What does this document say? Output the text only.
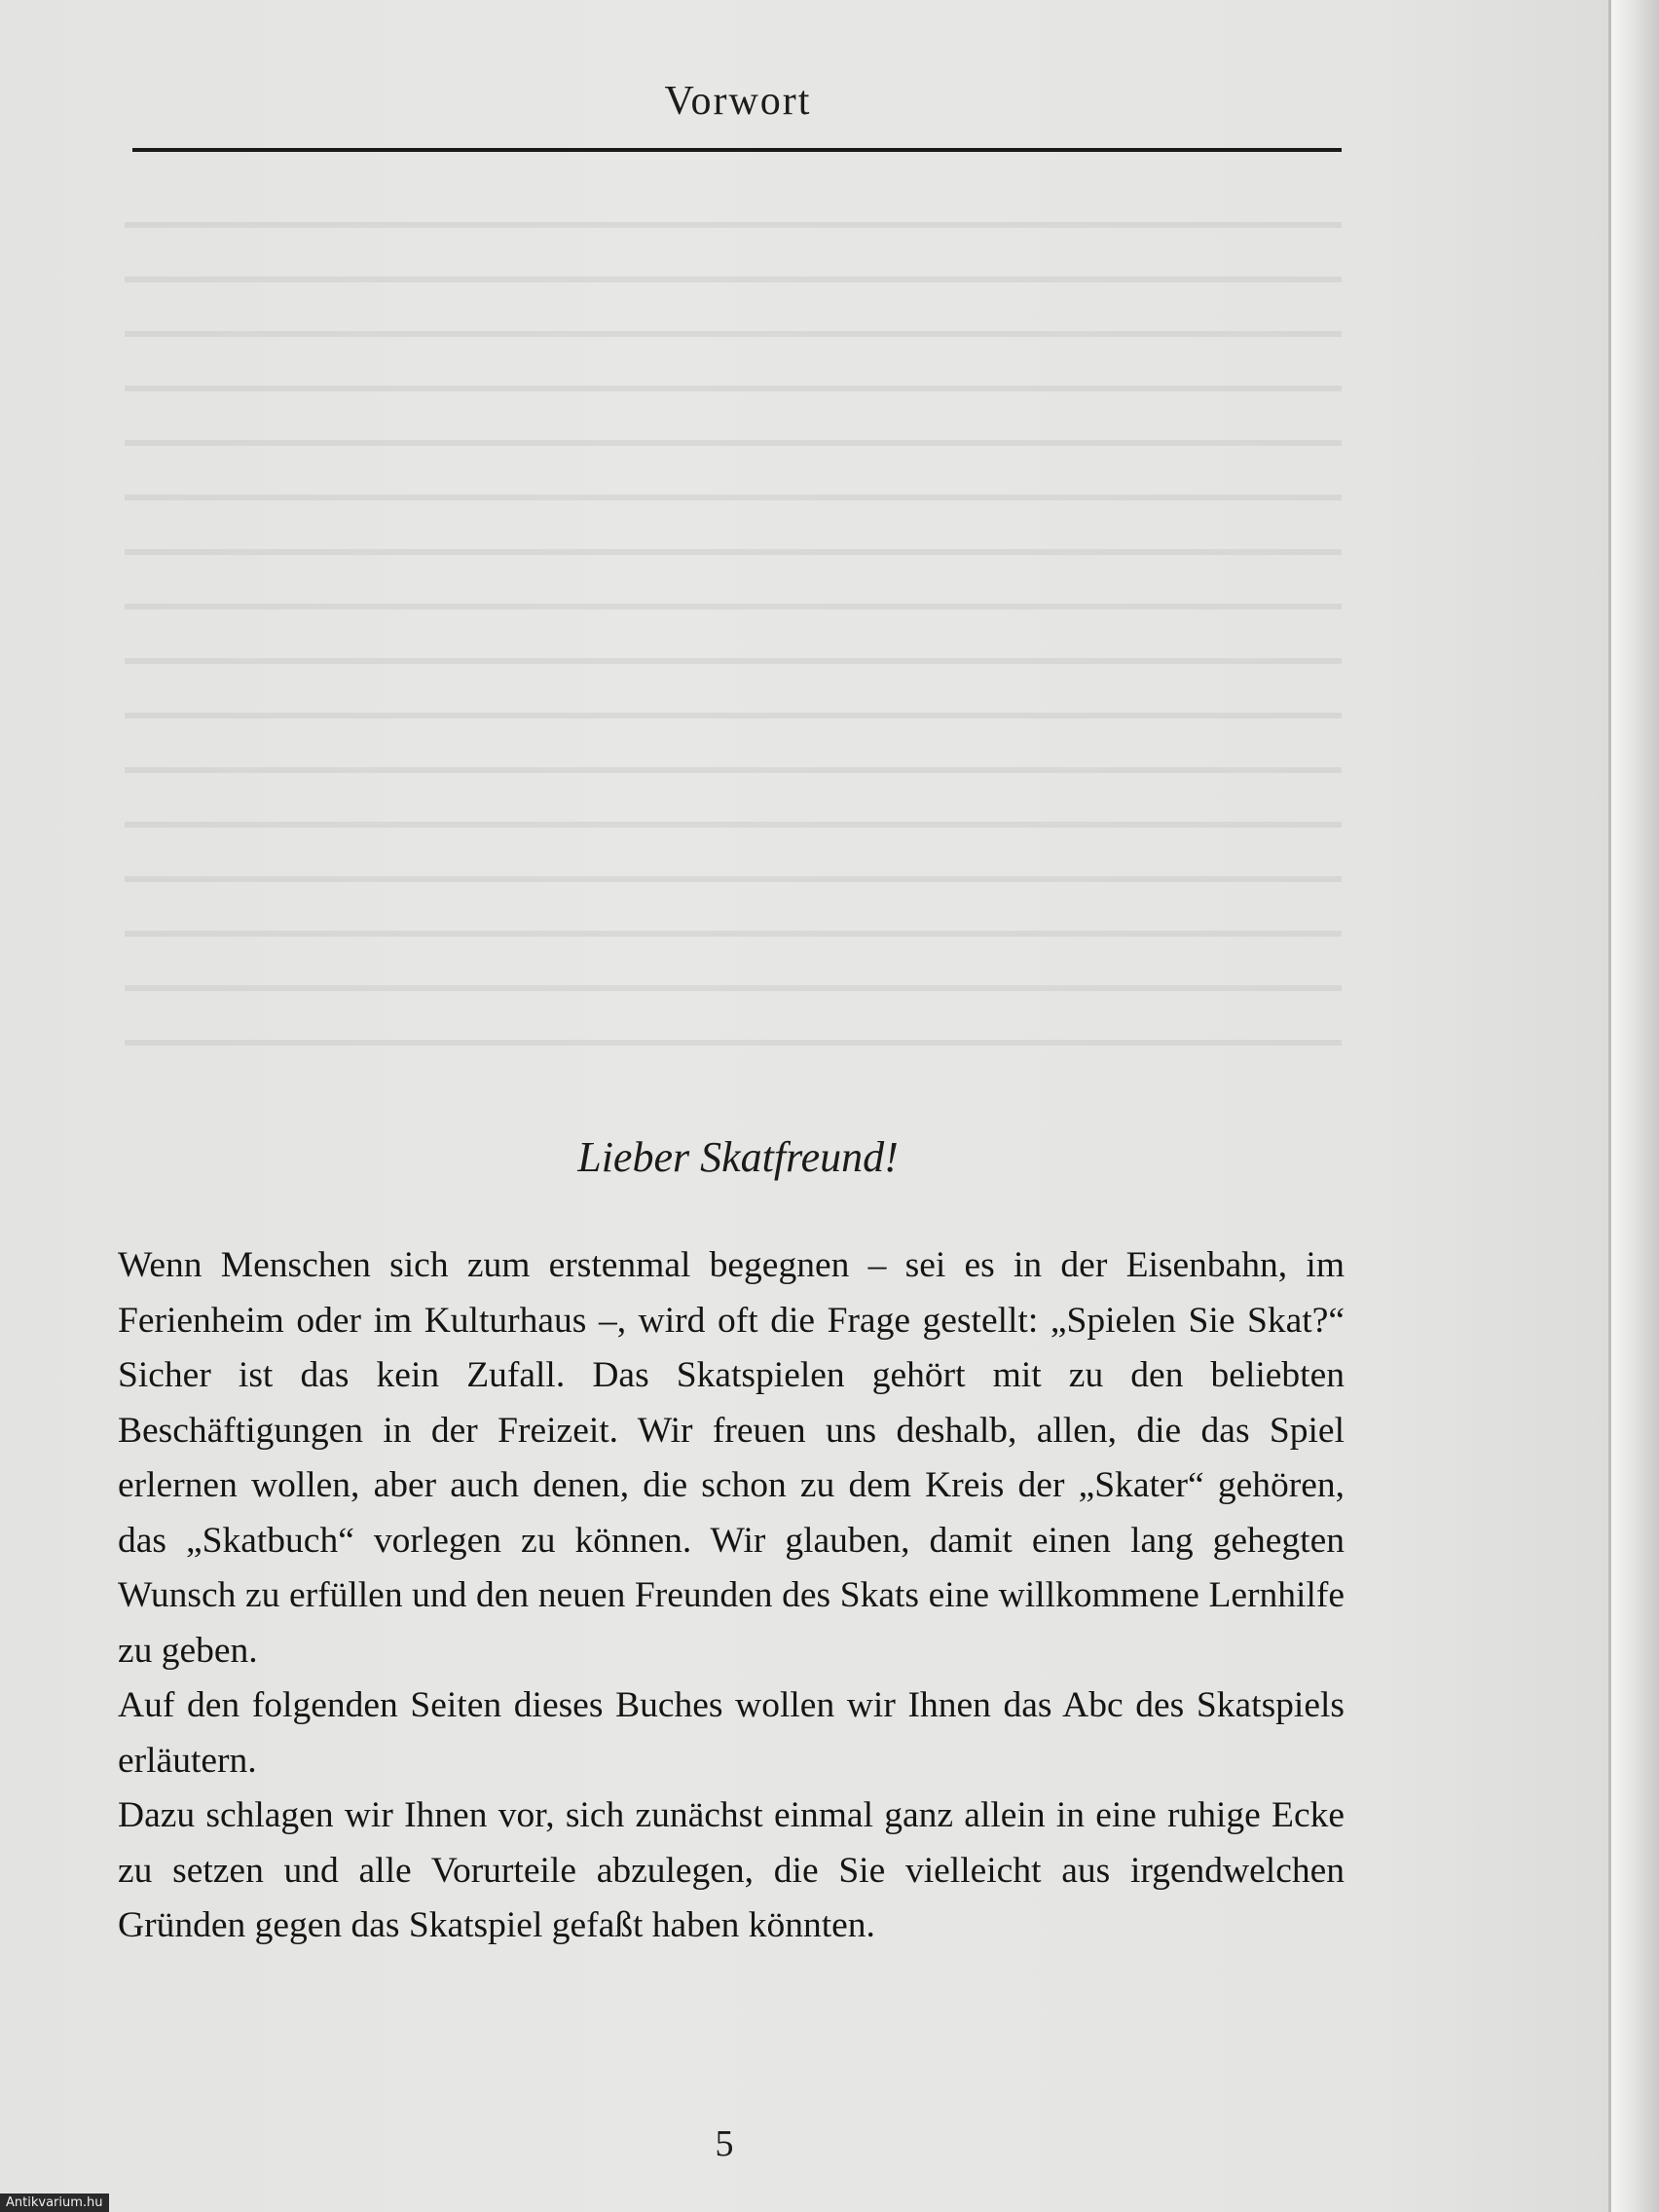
Vorwort
Lieber Skatfreund!

Wenn Menschen sich zum erstenmal begegnen – sei es in der Eisenbahn, im Ferienheim oder im Kulturhaus –, wird oft die Frage gestellt: „Spielen Sie Skat?“ Sicher ist das kein Zufall. Das Skatspielen gehört mit zu den beliebten Beschäftigungen in der Freizeit. Wir freuen uns deshalb, allen, die das Spiel erlernen wollen, aber auch denen, die schon zu dem Kreis der „Skater“ gehören, das „Skatbuch“ vorlegen zu können. Wir glauben, damit einen lang gehegten Wunsch zu erfüllen und den neuen Freunden des Skats eine willkommene Lernhilfe zu geben.

Auf den folgenden Seiten dieses Buches wollen wir Ihnen das Abc des Skatspiels erläutern.

Dazu schlagen wir Ihnen vor, sich zunächst einmal ganz allein in eine ruhige Ecke zu setzen und alle Vorurteile abzulegen, die Sie vielleicht aus irgendwelchen Gründen gegen das Skatspiel gefaßt haben könnten.

5
Antikvarium.hu
